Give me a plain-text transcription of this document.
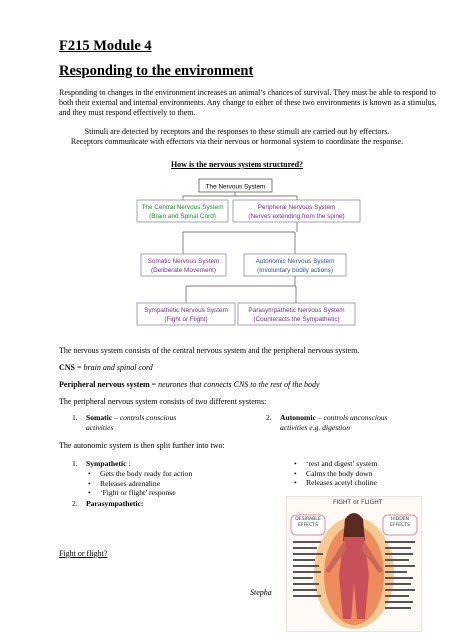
F215 Module 4
Responding to the environment
Responding to changes in the environment increases an animal’s chances of survival. They must be able to respond to both their external and internal environments. Any change to either of these two environments is known as a stimulus, and they must respond effectively to them.
Stimuli are detected by receptors and the responses to these stimuli are carried out by effectors. Receptors communicate with effectors via their nervous or hormonal system to coordinate the response.
How is the nervous system structured?
The Nervous System
The Central Nervous System
(Brain and Spinal Cord)
Peripheral Nervous System
(Nerves extending from the spine)
Somatic Nervous System
(Deliberate Movement)
Autonomic Nervous System
(Involuntary bodily actions)
Sympathetic Nervous System
(Fight or Flight)
Parasympathetic Nervous System
(Counteracts the Sympathetic)
The nervous system consists of the central nervous system and the peripheral nervous system.
CNS = brain and spinal cord
Peripheral nervous system = neurones that connects CNS to the rest of the body
The peripheral nervous system consists of two different systems:
1. Somatic – controls conscious
activities
2. Autonomic – controls unconscious
activities e.g. digestion
The autonomic system is then split further into two:
1. Sympathetic :
• Gets the body ready for action
• Releases adrenaline
• ‘Fight or flight’ response
2. Parasympathetic:
• ‘rest and digest’ system
• Calms the body down
• Releases acetyl choline
Fight or flight?
Stepha
FIGHT or FLIGHT
DESIRABLE
EFFECTS
HIDDEN
EFFECTS
